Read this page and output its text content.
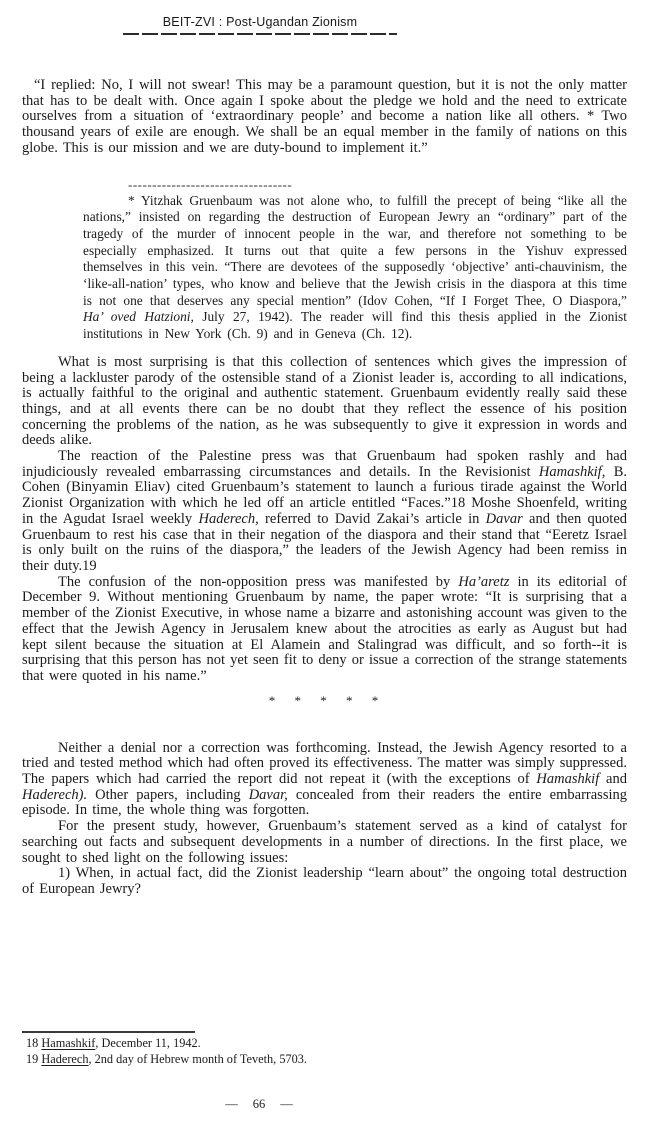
BEIT-ZVI : Post-Ugandan Zionism

“I replied: No, I will not swear! This may be a paramount question, but it is not the only matter that has to be dealt with. Once again I spoke about the pledge we hold and the need to extricate ourselves from a situation of ‘extraordinary people’ and become a nation like all others. * Two thousand years of exile are enough. We shall be an equal member in the family of nations on this globe. This is our mission and we are duty-bound to implement it.”

----------------------------------

* Yitzhak Gruenbaum was not alone who, to fulfill the precept of being “like all the nations,” insisted on regarding the destruction of European Jewry an “ordinary” part of the tragedy of the murder of innocent people in the war, and therefore not something to be especially emphasized. It turns out that quite a few persons in the Yishuv expressed themselves in this vein. “There are devotees of the supposedly ‘objective’ anti-chauvinism, the ‘like-all-nation’ types, who know and believe that the Jewish crisis in the diaspora at this time is not one that deserves any special mention” (Idov Cohen, “If I Forget Thee, O Diaspora,” Ha’ oved Hatzioni, July 27, 1942). The reader will find this thesis applied in the Zionist institutions in New York (Ch. 9) and in Geneva (Ch. 12).

What is most surprising is that this collection of sentences which gives the impression of being a lackluster parody of the ostensible stand of a Zionist leader is, according to all indications, is actually faithful to the original and authentic statement. Gruenbaum evidently really said these things, and at all events there can be no doubt that they reflect the essence of his position concerning the problems of the nation, as he was subsequently to give it expression in words and deeds alike.

The reaction of the Palestine press was that Gruenbaum had spoken rashly and had injudiciously revealed embarrassing circumstances and details. In the Revisionist Hamashkif, B. Cohen (Binyamin Eliav) cited Gruenbaum’s statement to launch a furious tirade against the World Zionist Organization with which he led off an article entitled “Faces.”18 Moshe Shoenfeld, writing in the Agudat Israel weekly Haderech, referred to David Zakai’s article in Davar and then quoted Gruenbaum to rest his case that in their negation of the diaspora and their stand that “Eeretz Israel is only built on the ruins of the diaspora,” the leaders of the Jewish Agency had been remiss in their duty.19

The confusion of the non-opposition press was manifested by Ha’aretz in its editorial of December 9. Without mentioning Gruenbaum by name, the paper wrote: “It is surprising that a member of the Zionist Executive, in whose name a bizarre and astonishing account was given to the effect that the Jewish Agency in Jerusalem knew about the atrocities as early as August but had kept silent because the situation at El Alamein and Stalingrad was difficult, and so forth--it is surprising that this person has not yet seen fit to deny or issue a correction of the strange statements that were quoted in his name.”

* * * * *

Neither a denial nor a correction was forthcoming. Instead, the Jewish Agency resorted to a tried and tested method which had often proved its effectiveness. The matter was simply suppressed. The papers which had carried the report did not repeat it (with the exceptions of Hamashkif and Haderech). Other papers, including Davar, concealed from their readers the entire embarrassing episode. In time, the whole thing was forgotten.

For the present study, however, Gruenbaum’s statement served as a kind of catalyst for searching out facts and subsequent developments in a number of directions. In the first place, we sought to shed light on the following issues:

1) When, in actual fact, did the Zionist leadership “learn about” the ongoing total destruction of European Jewry?

18 Hamashkif, December 11, 1942.
19 Haderech, 2nd day of Hebrew month of Teveth, 5703.
— 66 —
